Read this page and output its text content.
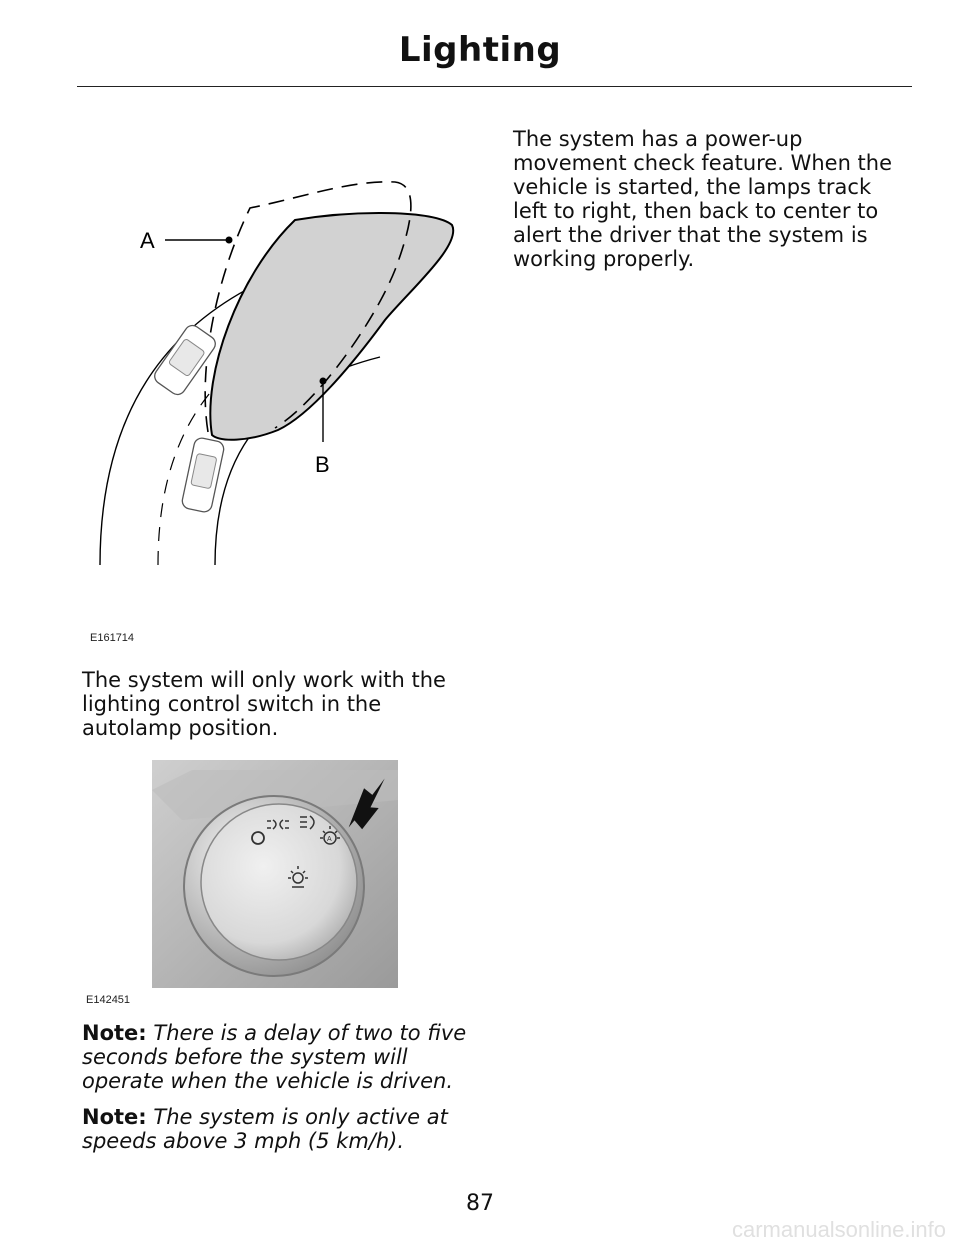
Lighting
A
B
E161714

The system will only work with the lighting control switch in the autolamp position.

A
E142451

Note: There is a delay of two to five seconds before the system will operate when the vehicle is driven.

Note: The system is only active at speeds above 3 mph (5 km/h).

The system has a power-up movement check feature. When the vehicle is started, the lamps track left to right, then back to center to alert the driver that the system is working properly.

87
carmanualsonline.info
